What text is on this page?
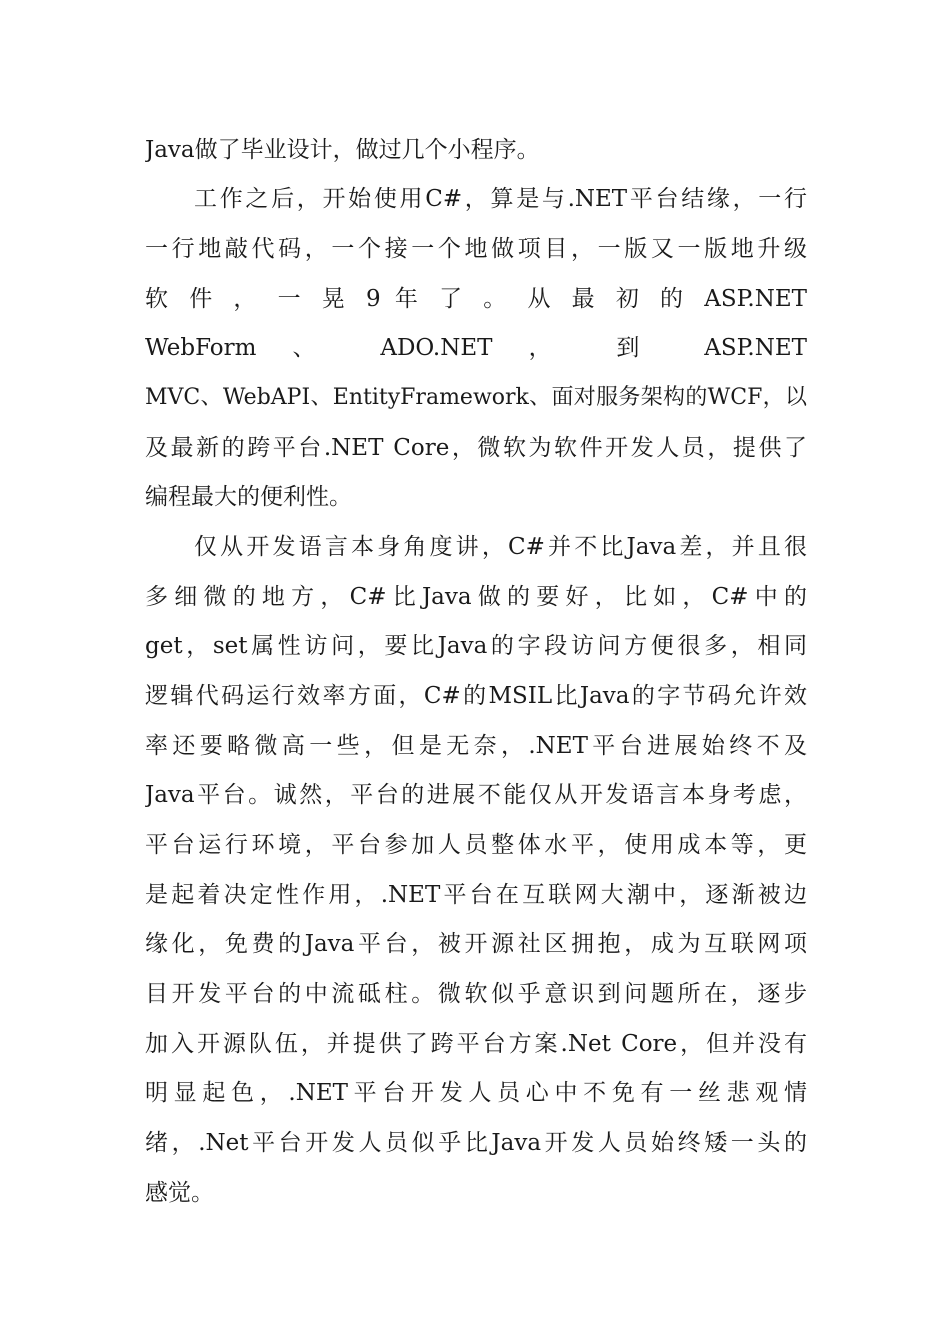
Java做了毕业设计，做过几个小程序。
工作之后，开始使用C#，算是与.NET平台结缘，一行
一行地敲代码，一个接一个地做项目，一版又一版地升级
软 件 ， 一 晃 9 年 了 。 从 最 初 的 ASP.NET
WebForm 、 ADO.NET ， 到 ASP.NET
MVC、WebAPI、EntityFramework、面对服务架构的WCF，以
及最新的跨平台.NET Core，微软为软件开发人员，提供了
编程最大的便利性。
仅从开发语言本身角度讲，C#并不比Java差，并且很
多细微的地方，C#比Java做的要好，比如，C#中的
get，set属性访问，要比Java的字段访问方便很多，相同
逻辑代码运行效率方面，C#的MSIL比Java的字节码允许效
率还要略微高一些，但是无奈，.NET平台进展始终不及
Java平台。诚然，平台的进展不能仅从开发语言本身考虑，
平台运行环境，平台参加人员整体水平，使用成本等，更
是起着决定性作用，.NET平台在互联网大潮中，逐渐被边
缘化，免费的Java平台，被开源社区拥抱，成为互联网项
目开发平台的中流砥柱。微软似乎意识到问题所在，逐步
加入开源队伍，并提供了跨平台方案.Net Core，但并没有
明显起色，.NET平台开发人员心中不免有一丝悲观情
绪，.Net平台开发人员似乎比Java开发人员始终矮一头的
感觉。
